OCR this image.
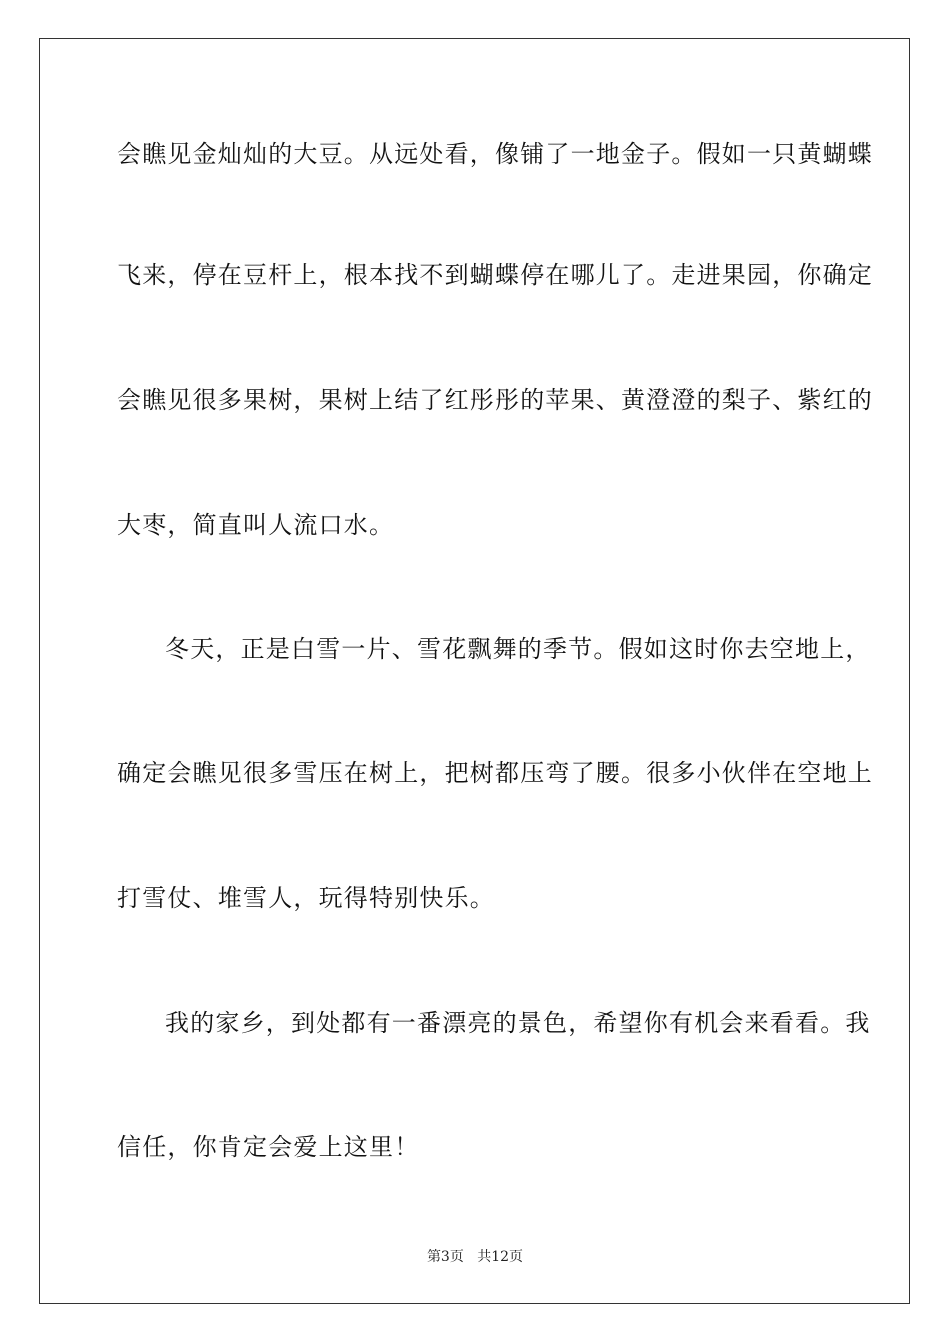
会瞧见金灿灿的大豆。从远处看，像铺了一地金子。假如一只黄蝴蝶
飞来，停在豆杆上，根本找不到蝴蝶停在哪儿了。走进果园，你确定
会瞧见很多果树，果树上结了红彤彤的苹果、黄澄澄的梨子、紫红的
大枣，简直叫人流口水。
冬天，正是白雪一片、雪花飘舞的季节。假如这时你去空地上，
确定会瞧见很多雪压在树上，把树都压弯了腰。很多小伙伴在空地上
打雪仗、堆雪人，玩得特别快乐。
我的家乡，到处都有一番漂亮的景色，希望你有机会来看看。我
信任，你肯定会爱上这里！
第3页 共12页
